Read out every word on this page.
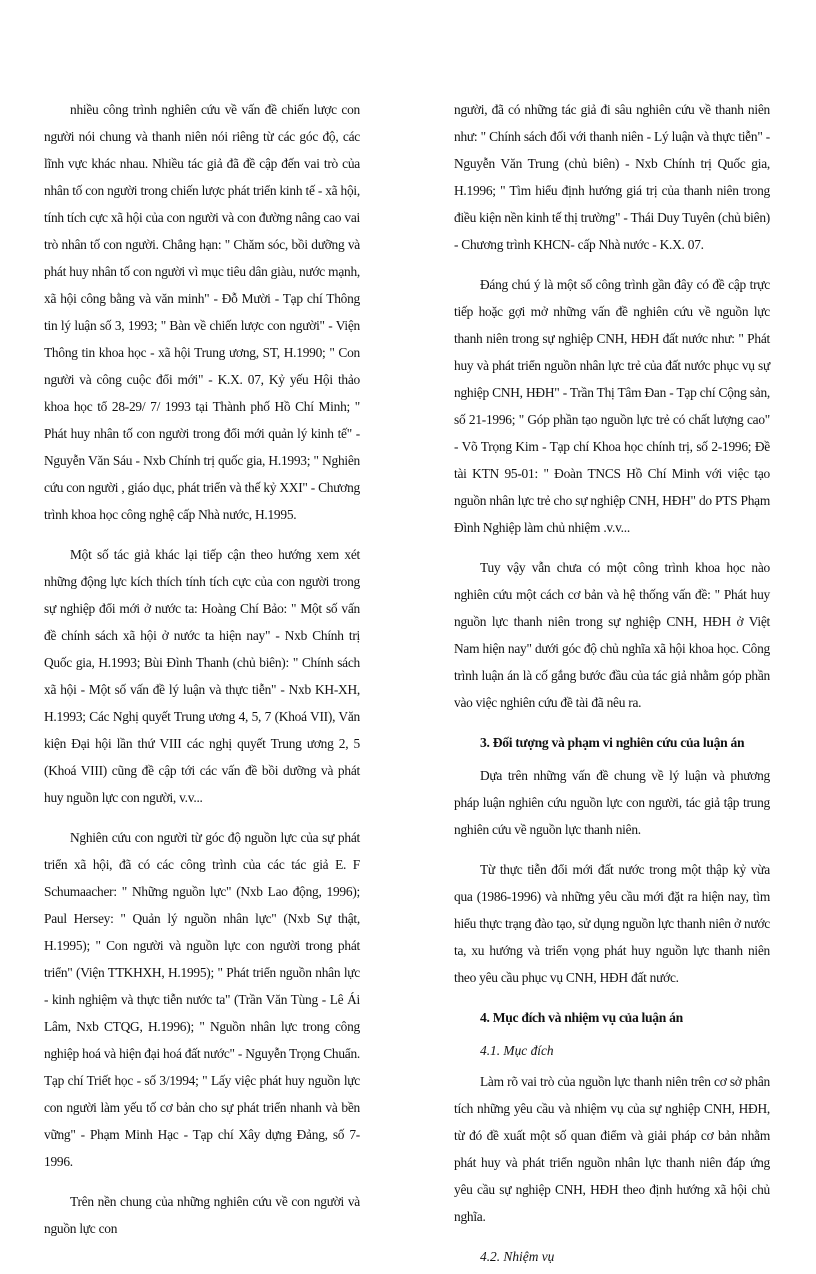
nhiều công trình nghiên cứu về vấn đề chiến lược con người nói chung và thanh niên nói riêng từ các góc độ, các lĩnh vực khác nhau. Nhiều tác giả đã đề cập đến vai trò của nhân tố con người trong chiến lược phát triển kinh tế - xã hội, tính tích cực xã hội của con người và con đường nâng cao vai trò nhân tố con người. Chẳng hạn: " Chăm sóc, bồi dưỡng và phát huy nhân tố con người vì mục tiêu dân giàu, nước mạnh, xã hội công bằng và văn minh" - Đỗ Mười - Tạp chí Thông tin lý luận số 3, 1993; " Bàn về chiến lược con người" - Viện Thông tin khoa học - xã hội Trung ương, ST, H.1990; " Con người và công cuộc đổi mới" - K.X. 07, Kỷ yếu Hội thảo khoa học tổ 28-29/ 7/ 1993 tại Thành phố Hồ Chí Minh; " Phát huy nhân tố con người trong đổi mới quản lý kinh tế" - Nguyễn Văn Sáu - Nxb Chính trị quốc gia, H.1993; " Nghiên cứu con người , giáo dục, phát triển và thế kỷ XXI" - Chương trình khoa học công nghệ cấp Nhà nước, H.1995.

Một số tác giả khác lại tiếp cận theo hướng xem xét những động lực kích thích tính tích cực của con người trong sự nghiệp đổi mới ở nước ta: Hoàng Chí Bảo: " Một số vấn đề chính sách xã hội ở nước ta hiện nay" - Nxb Chính trị Quốc gia, H.1993; Bùi Đình Thanh (chủ biên): " Chính sách xã hội - Một số vấn đề lý luận và thực tiễn" - Nxb KH-XH, H.1993; Các Nghị quyết Trung ương 4, 5, 7 (Khoá VII), Văn kiện Đại hội lần thứ VIII các nghị quyết Trung ương 2, 5 (Khoá VIII) cũng đề cập tới các vấn đề bồi dưỡng và phát huy nguồn lực con người, v.v...

Nghiên cứu con người từ góc độ nguồn lực của sự phát triển xã hội, đã có các công trình của các tác giả E. F Schumaacher: " Những nguồn lực" (Nxb Lao động, 1996); Paul Hersey: " Quản lý nguồn nhân lực" (Nxb Sự thật, H.1995); " Con người và nguồn lực con người trong phát triển" (Viện TTKHXH, H.1995); " Phát triển nguồn nhân lực - kinh nghiệm và thực tiễn nước ta" (Trần Văn Tùng - Lê Ái Lâm, Nxb CTQG, H.1996); " Nguồn nhân lực trong công nghiệp hoá và hiện đại hoá đất nước" - Nguyễn Trọng Chuẩn. Tạp chí Triết học - số 3/1994; " Lấy việc phát huy nguồn lực con người làm yếu tố cơ bản cho sự phát triển nhanh và bền vững" - Phạm Minh Hạc - Tạp chí Xây dựng Đảng, số 7-1996.

Trên nền chung của những nghiên cứu về con người và nguồn lực con

người, đã có những tác giả đi sâu nghiên cứu về thanh niên như: " Chính sách đối với thanh niên - Lý luận và thực tiễn" - Nguyễn Văn Trung (chủ biên) - Nxb Chính trị Quốc gia, H.1996; " Tìm hiểu định hướng giá trị của thanh niên trong điều kiện nền kinh tế thị trường" - Thái Duy Tuyên (chủ biên) - Chương trình KHCN- cấp Nhà nước - K.X. 07.

Đáng chú ý là một số công trình gần đây có đề cập trực tiếp hoặc gợi mở những vấn đề nghiên cứu về nguồn lực thanh niên trong sự nghiệp CNH, HĐH đất nước như: " Phát huy và phát triển nguồn nhân lực trẻ của đất nước phục vụ sự nghiệp CNH, HĐH" - Trần Thị Tâm Đan - Tạp chí Cộng sản, số 21-1996; " Góp phần tạo nguồn lực trẻ có chất lượng cao" - Võ Trọng Kim - Tạp chí Khoa học chính trị, số 2-1996; Đề tài KTN 95-01: " Đoàn TNCS Hồ Chí Minh với việc tạo nguồn nhân lực trẻ cho sự nghiệp CNH, HĐH" do PTS Phạm Đình Nghiệp làm chủ nhiệm .v.v...

Tuy vậy vẫn chưa có một công trình khoa học nào nghiên cứu một cách cơ bản và hệ thống vấn đề: " Phát huy nguồn lực thanh niên trong sự nghiệp CNH, HĐH ở Việt Nam hiện nay" dưới góc độ chủ nghĩa xã hội khoa học. Công trình luận án là cố gắng bước đầu của tác giả nhằm góp phần vào việc nghiên cứu đề tài đã nêu ra.

3. Đối tượng và phạm vi nghiên cứu của luận án

Dựa trên những vấn đề chung về lý luận và phương pháp luận nghiên cứu nguồn lực con người, tác giả tập trung nghiên cứu về nguồn lực thanh niên.

Từ thực tiễn đổi mới đất nước trong một thập kỷ vừa qua (1986-1996) và những yêu cầu mới đặt ra hiện nay, tìm hiểu thực trạng đào tạo, sử dụng nguồn lực thanh niên ở nước ta, xu hướng và triển vọng phát huy nguồn lực thanh niên theo yêu cầu phục vụ CNH, HĐH đất nước.

4. Mục đích và nhiệm vụ của luận án
4.1. Mục đích

Làm rõ vai trò của nguồn lực thanh niên trên cơ sở phân tích những yêu cầu và nhiệm vụ của sự nghiệp CNH, HĐH, từ đó đề xuất một số quan điểm và giải pháp cơ bản nhằm phát huy và phát triển nguồn nhân lực thanh niên đáp ứng yêu cầu sự nghiệp CNH, HĐH theo định hướng xã hội chủ nghĩa.

4.2. Nhiệm vụ
